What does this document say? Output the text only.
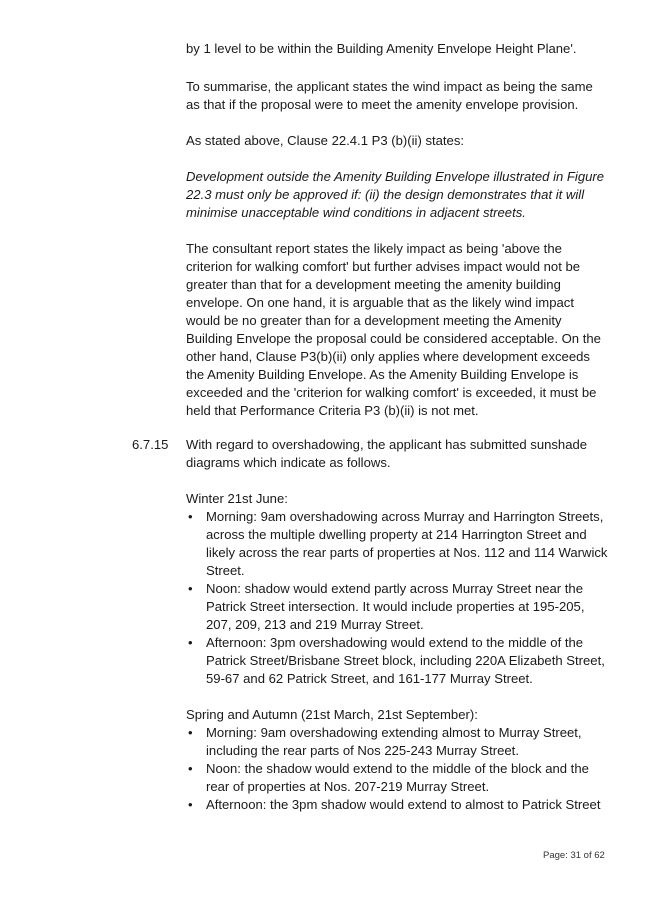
by 1 level to be within the Building Amenity Envelope Height Plane'.

To summarise, the applicant states the wind impact as being the same as that if the proposal were to meet the amenity envelope provision.

As stated above, Clause 22.4.1 P3 (b)(ii) states:

Development outside the Amenity Building Envelope illustrated in Figure 22.3 must only be approved if: (ii) the design demonstrates that it will minimise unacceptable wind conditions in adjacent streets.

The consultant report states the likely impact as being 'above the criterion for walking comfort' but further advises impact would not be greater than that for a development meeting the amenity building envelope. On one hand, it is arguable that as the likely wind impact would be no greater than for a development meeting the Amenity Building Envelope the proposal could be considered acceptable. On the other hand, Clause P3(b)(ii) only applies where development exceeds the Amenity Building Envelope. As the Amenity Building Envelope is exceeded and the 'criterion for walking comfort' is exceeded, it must be held that Performance Criteria P3 (b)(ii) is not met.

6.7.15 With regard to overshadowing, the applicant has submitted sunshade diagrams which indicate as follows.

Winter 21st June:

• Morning: 9am overshadowing across Murray and Harrington Streets, across the multiple dwelling property at 214 Harrington Street and likely across the rear parts of properties at Nos. 112 and 114 Warwick Street.
• Noon: shadow would extend partly across Murray Street near the Patrick Street intersection. It would include properties at 195-205, 207, 209, 213 and 219 Murray Street.
• Afternoon: 3pm overshadowing would extend to the middle of the Patrick Street/Brisbane Street block, including 220A Elizabeth Street, 59-67 and 62 Patrick Street, and 161-177 Murray Street.

Spring and Autumn (21st March, 21st September):

• Morning: 9am overshadowing extending almost to Murray Street, including the rear parts of Nos 225-243 Murray Street.
• Noon: the shadow would extend to the middle of the block and the rear of properties at Nos. 207-219 Murray Street.
• Afternoon: the 3pm shadow would extend to almost to Patrick Street
Page: 31 of 62
